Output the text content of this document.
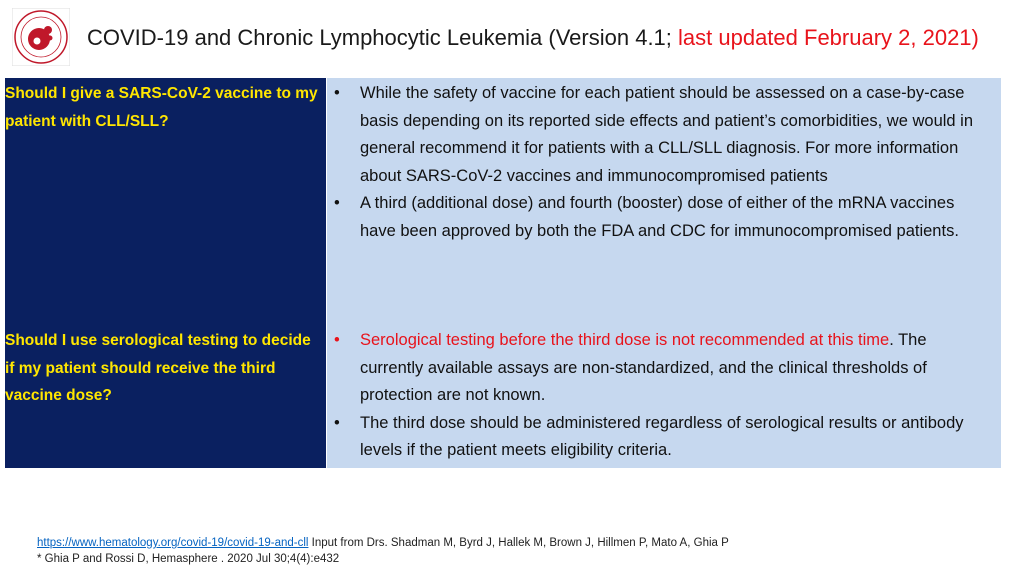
COVID-19 and Chronic Lymphocytic Leukemia (Version 4.1; last updated February 2, 2021)
Should I give a SARS-CoV-2 vaccine to my patient with CLL/SLL?
•	While the safety of vaccine for each patient should be assessed on a case-by-case basis depending on its reported side effects and patient’s comorbidities, we would in general recommend it for patients with a CLL/SLL diagnosis. For more information about SARS-CoV-2 vaccines and immunocompromised patients
•	A third (additional dose) and fourth (booster) dose of either of the mRNA vaccines have been approved by both the FDA and CDC for immunocompromised patients.
Should I use serological testing to decide if my patient should receive the third vaccine dose?
•	Serological testing before the third dose is not recommended at this time. The currently available assays are non-standardized, and the clinical thresholds of protection are not known.
•	The third dose should be administered regardless of serological results or antibody levels if the patient meets eligibility criteria.
https://www.hematology.org/covid-19/covid-19-and-cll Input from Drs. Shadman M, Byrd J, Hallek M, Brown J, Hillmen P, Mato A, Ghia P
* Ghia P and Rossi D, Hemasphere . 2020 Jul 30;4(4):e432
